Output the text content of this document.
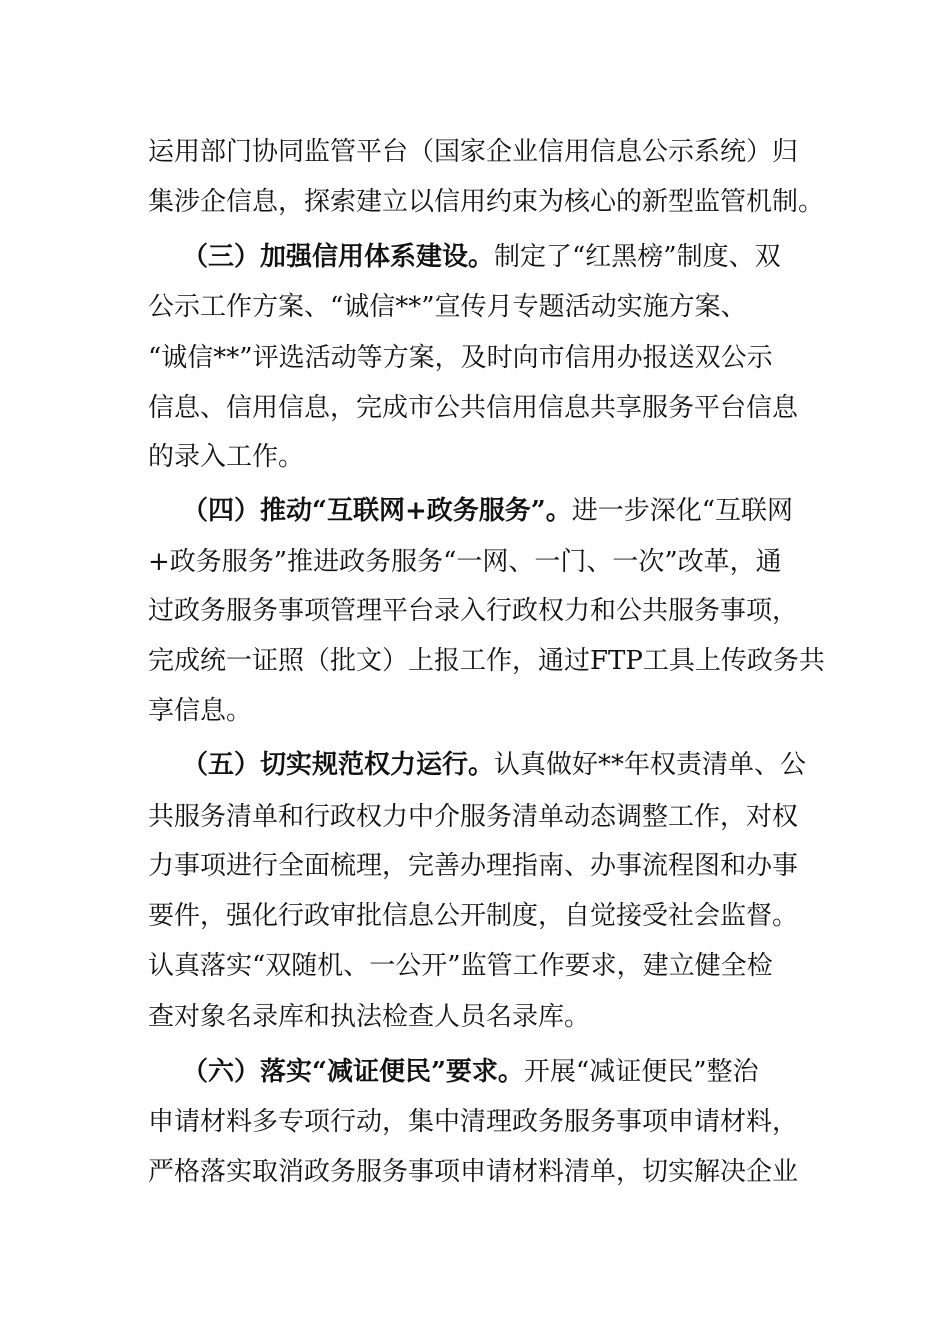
运用部门协同监管平台（国家企业信用信息公示系统）归
集涉企信息，探索建立以信用约束为核心的新型监管机制。
（三）加强信用体系建设。制定了“红黑榜”制度、双
公示工作方案、“诚信**”宣传月专题活动实施方案、
“诚信**”评选活动等方案，及时向市信用办报送双公示
信息、信用信息，完成市公共信用信息共享服务平台信息
的录入工作。
（四）推动“互联网+政务服务”。进一步深化“互联网
+政务服务”推进政务服务“一网、一门、一次”改革，通
过政务服务事项管理平台录入行政权力和公共服务事项，
完成统一证照（批文）上报工作，通过FTP工具上传政务共
享信息。
（五）切实规范权力运行。认真做好**年权责清单、公
共服务清单和行政权力中介服务清单动态调整工作，对权
力事项进行全面梳理，完善办理指南、办事流程图和办事
要件，强化行政审批信息公开制度，自觉接受社会监督。
认真落实“双随机、一公开”监管工作要求，建立健全检
查对象名录库和执法检查人员名录库。
（六）落实“减证便民”要求。开展“减证便民”整治
申请材料多专项行动，集中清理政务服务事项申请材料，
严格落实取消政务服务事项申请材料清单，切实解决企业
